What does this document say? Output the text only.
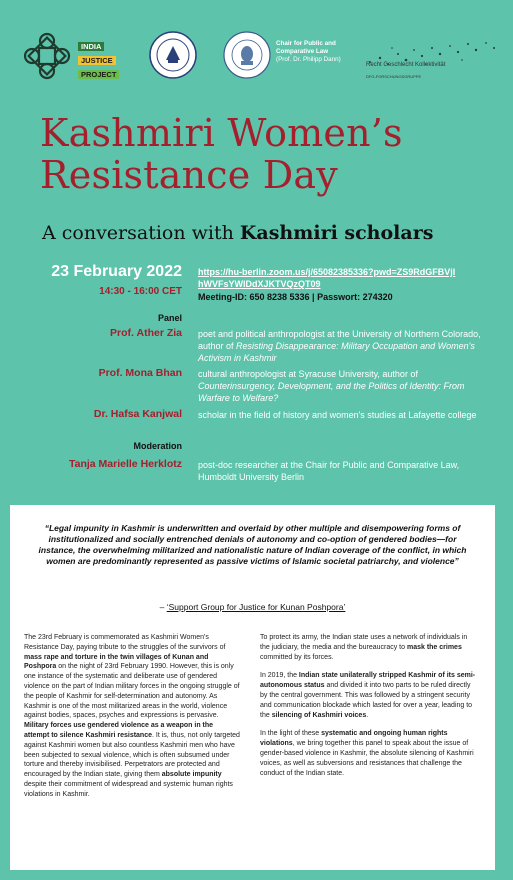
INDIA
JUSTICE
PROJECT
Chair for Public and
Comparative Law
(Prof. Dr. Philipp Dann)
Recht Geschlecht Kollektivität
DFG-FORSCHUNGSGRUPPE
Kashmiri Women’s Resistance Day
A conversation with Kashmiri scholars
23 February 2022
14:30 - 16:00 CET
https://hu-berlin.zoom.us/j/65082385336?pwd=ZS9RdGFBVjlhWVFsYWlDdXJKTVQzQT09
Meeting-ID: 650 8238 5336 | Passwort: 274320
Panel
Prof. Ather Zia poet and political anthropologist at the University of Northern Colorado, author of Resisting Disappearance: Military Occupation and Women's Activism in Kashmir
Prof. Mona Bhan cultural anthropologist at Syracuse University, author of Counterinsurgency, Development, and the Politics of Identity: From Warfare to Welfare?
Dr. Hafsa Kanjwal scholar in the field of history and women's studies at Lafayette college
Moderation
Tanja Marielle Herklotz post-doc researcher at the Chair for Public and Comparative Law, Humboldt University Berlin
“Legal impunity in Kashmir is underwritten and overlaid by other multiple and disempowering forms of institutionalized and socially entrenched denials of autonomy and co-option of gendered bodies—for instance, the overwhelming militarized and nationalistic nature of Indian coverage of the conflict, in which women are predominantly represented as passive victims of Islamic societal patriarchy, and violence”
– ‘Support Group for Justice for Kunan Poshpora’

The 23rd February is commemorated as Kashmiri Women's Resistance Day, paying tribute to the struggles of the survivors of mass rape and torture in the twin villages of Kunan and Poshpora on the night of 23rd February 1990. However, this is only one instance of the systematic and deliberate use of gendered violence on the part of Indian military forces in the ongoing struggle of the people of Kashmir for self-determination and autonomy. As Kashmir is one of the most militarized areas in the world, violence against bodies, spaces, psyches and expressions is pervasive. Military forces use gendered violence as a weapon in the attempt to silence Kashmiri resistance. It is, thus, not only targeted against Kashmiri women but also countless Kashmiri men who have been subjected to sexual violence, which is often subsumed under torture and thereby invisibilised. Perpetrators are protected and encouraged by the Indian state, giving them absolute impunity despite their commitment of widespread and systemic human rights violations in Kashmir.

To protect its army, the Indian state uses a network of individuals in the judiciary, the media and the bureaucracy to mask the crimes committed by its forces.

In 2019, the Indian state unilaterally stripped Kashmir of its semi-autonomous status and divided it into two parts to be ruled directly by the central government. This was followed by a stringent security and communication blockade which lasted for over a year, leading to the silencing of Kashmiri voices.

In the light of these systematic and ongoing human rights violations, we bring together this panel to speak about the issue of gender-based violence in Kashmir, the absolute silencing of Kashmiri voices, as well as subversions and resistances that challenge the conduct of the Indian state.
